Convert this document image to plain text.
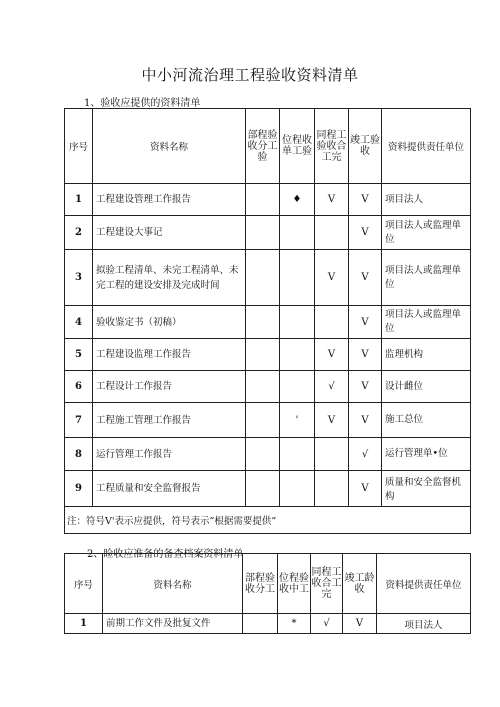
中小河流治理工程验收资料清单
1、验收应提供的资料清单
序号	资料名称	部程验收分工验	位程收单工验	同程工验收合工完	竣工验收	资料提供责任单位
1	工程建设管理工作报告		♦	V	V	项目法人
2	工程建设大事记				V	项目法人或监理单位
3	拟验工程清单、未完工程清单、未完工程的建设安排及完成时间			V	V	项目法人或监理单位
4	验收鉴定书（初稿）				V	项目法人或监理单位
5	工程建设监理工作报告			V	V	监理机构
6	工程设计工作报告			√	V	设计雌位
7	工程施工管理工作报告		'	V	V	施工总位
8	运行管理工作报告				√	运行管理单•位
9	工程质量和安全监督报告				V	质量和安全监督机构
注：符号V'表示应提供，符号表示”根据需要提供”						
2、睑收应准备的备查档案资料清单
序号	资料名称	部程验收分工	位程验收中工	同程工收合工完	竣工龄收	资料提供责任单位
1	前期工作文件及批复文件		*	√	V	项目法人
